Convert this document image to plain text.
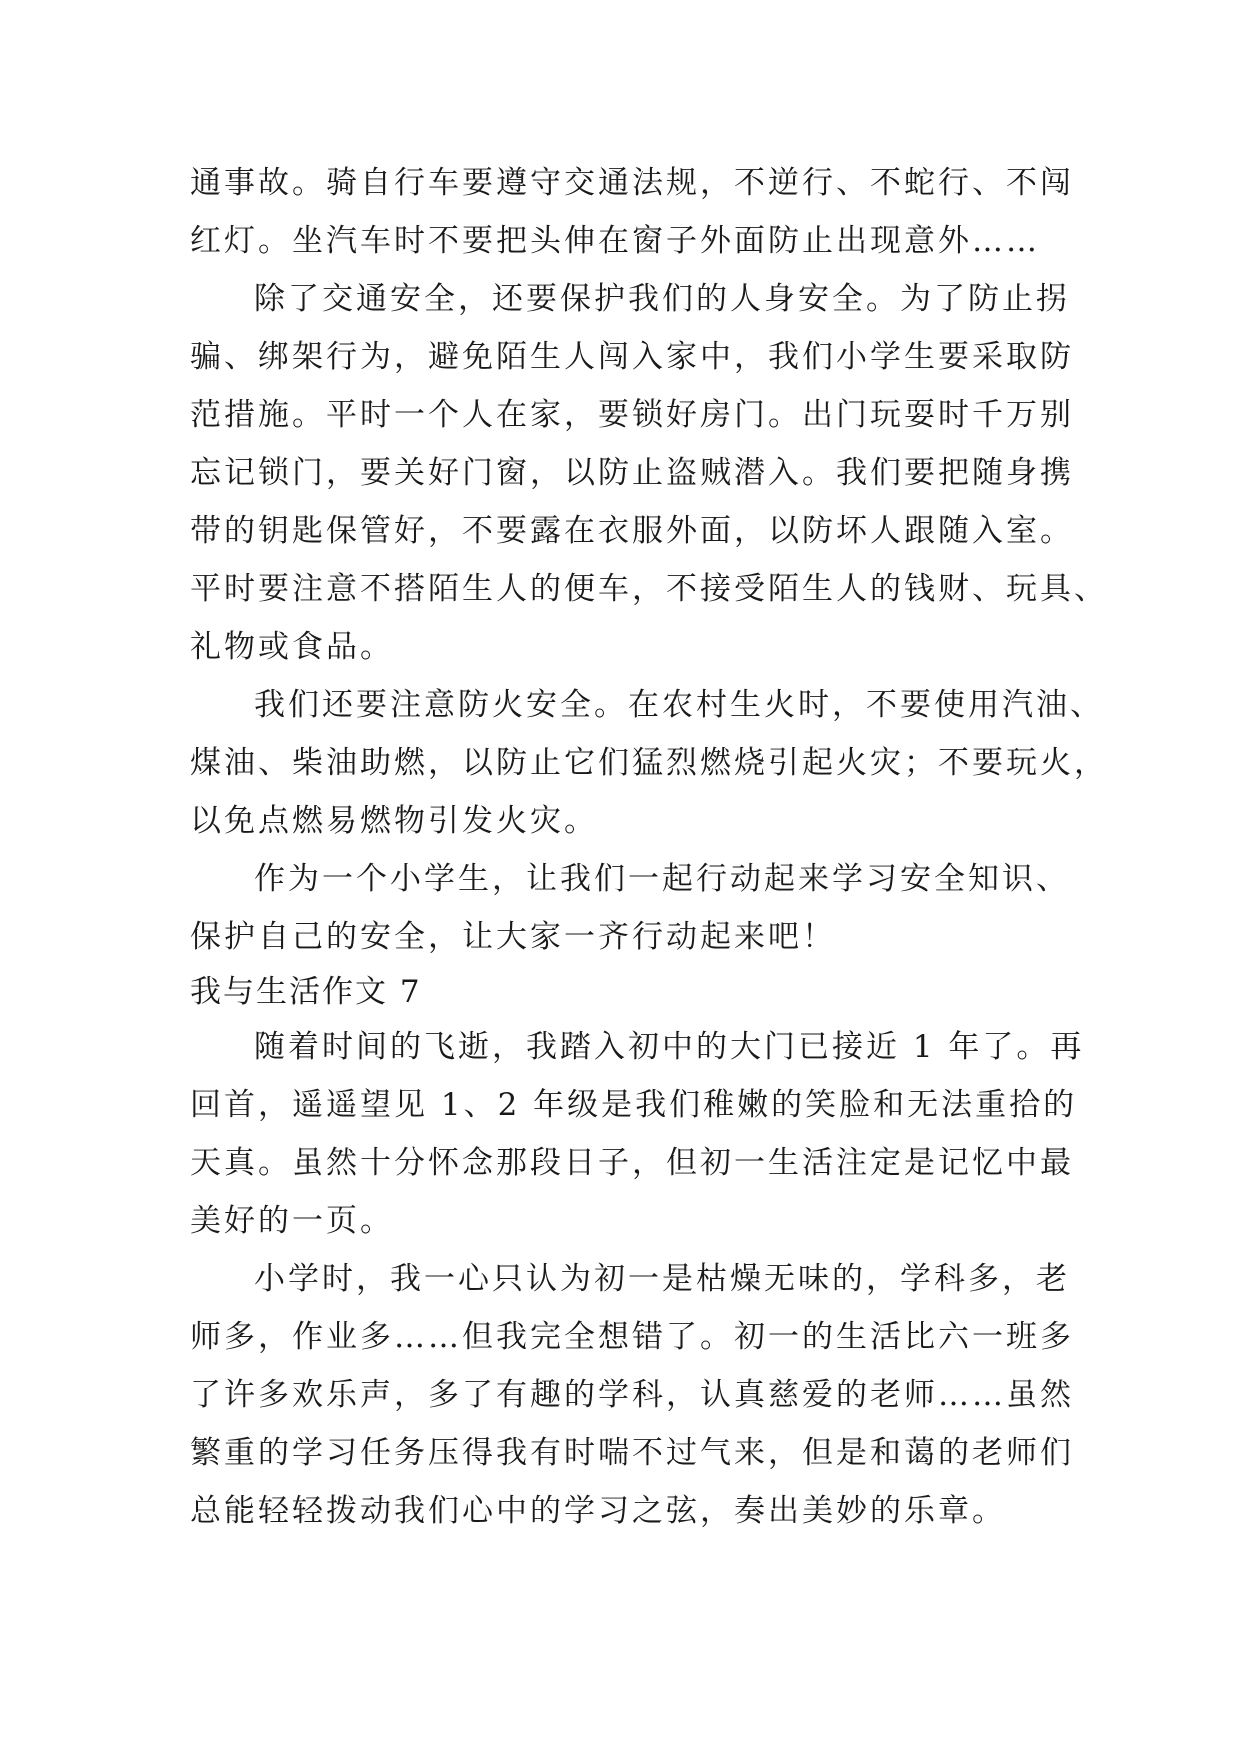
通事故。骑自行车要遵守交通法规，不逆行、不蛇行、不闯
红灯。坐汽车时不要把头伸在窗子外面防止出现意外……
除了交通安全，还要保护我们的人身安全。为了防止拐
骗、绑架行为，避免陌生人闯入家中，我们小学生要采取防
范措施。平时一个人在家，要锁好房门。出门玩耍时千万别
忘记锁门，要关好门窗，以防止盗贼潜入。我们要把随身携
带的钥匙保管好，不要露在衣服外面，以防坏人跟随入室。
平时要注意不搭陌生人的便车，不接受陌生人的钱财、玩具、
礼物或食品。
我们还要注意防火安全。在农村生火时，不要使用汽油、
煤油、柴油助燃，以防止它们猛烈燃烧引起火灾；不要玩火，
以免点燃易燃物引发火灾。
作为一个小学生，让我们一起行动起来学习安全知识、
保护自己的安全，让大家一齐行动起来吧！
我与生活作文 7
随着时间的飞逝，我踏入初中的大门已接近 1 年了。再
回首，遥遥望见 1、2 年级是我们稚嫩的笑脸和无法重拾的
天真。虽然十分怀念那段日子，但初一生活注定是记忆中最
美好的一页。
小学时，我一心只认为初一是枯燥无味的，学科多，老
师多，作业多……但我完全想错了。初一的生活比六一班多
了许多欢乐声，多了有趣的学科，认真慈爱的老师……虽然
繁重的学习任务压得我有时喘不过气来，但是和蔼的老师们
总能轻轻拨动我们心中的学习之弦，奏出美妙的乐章。
